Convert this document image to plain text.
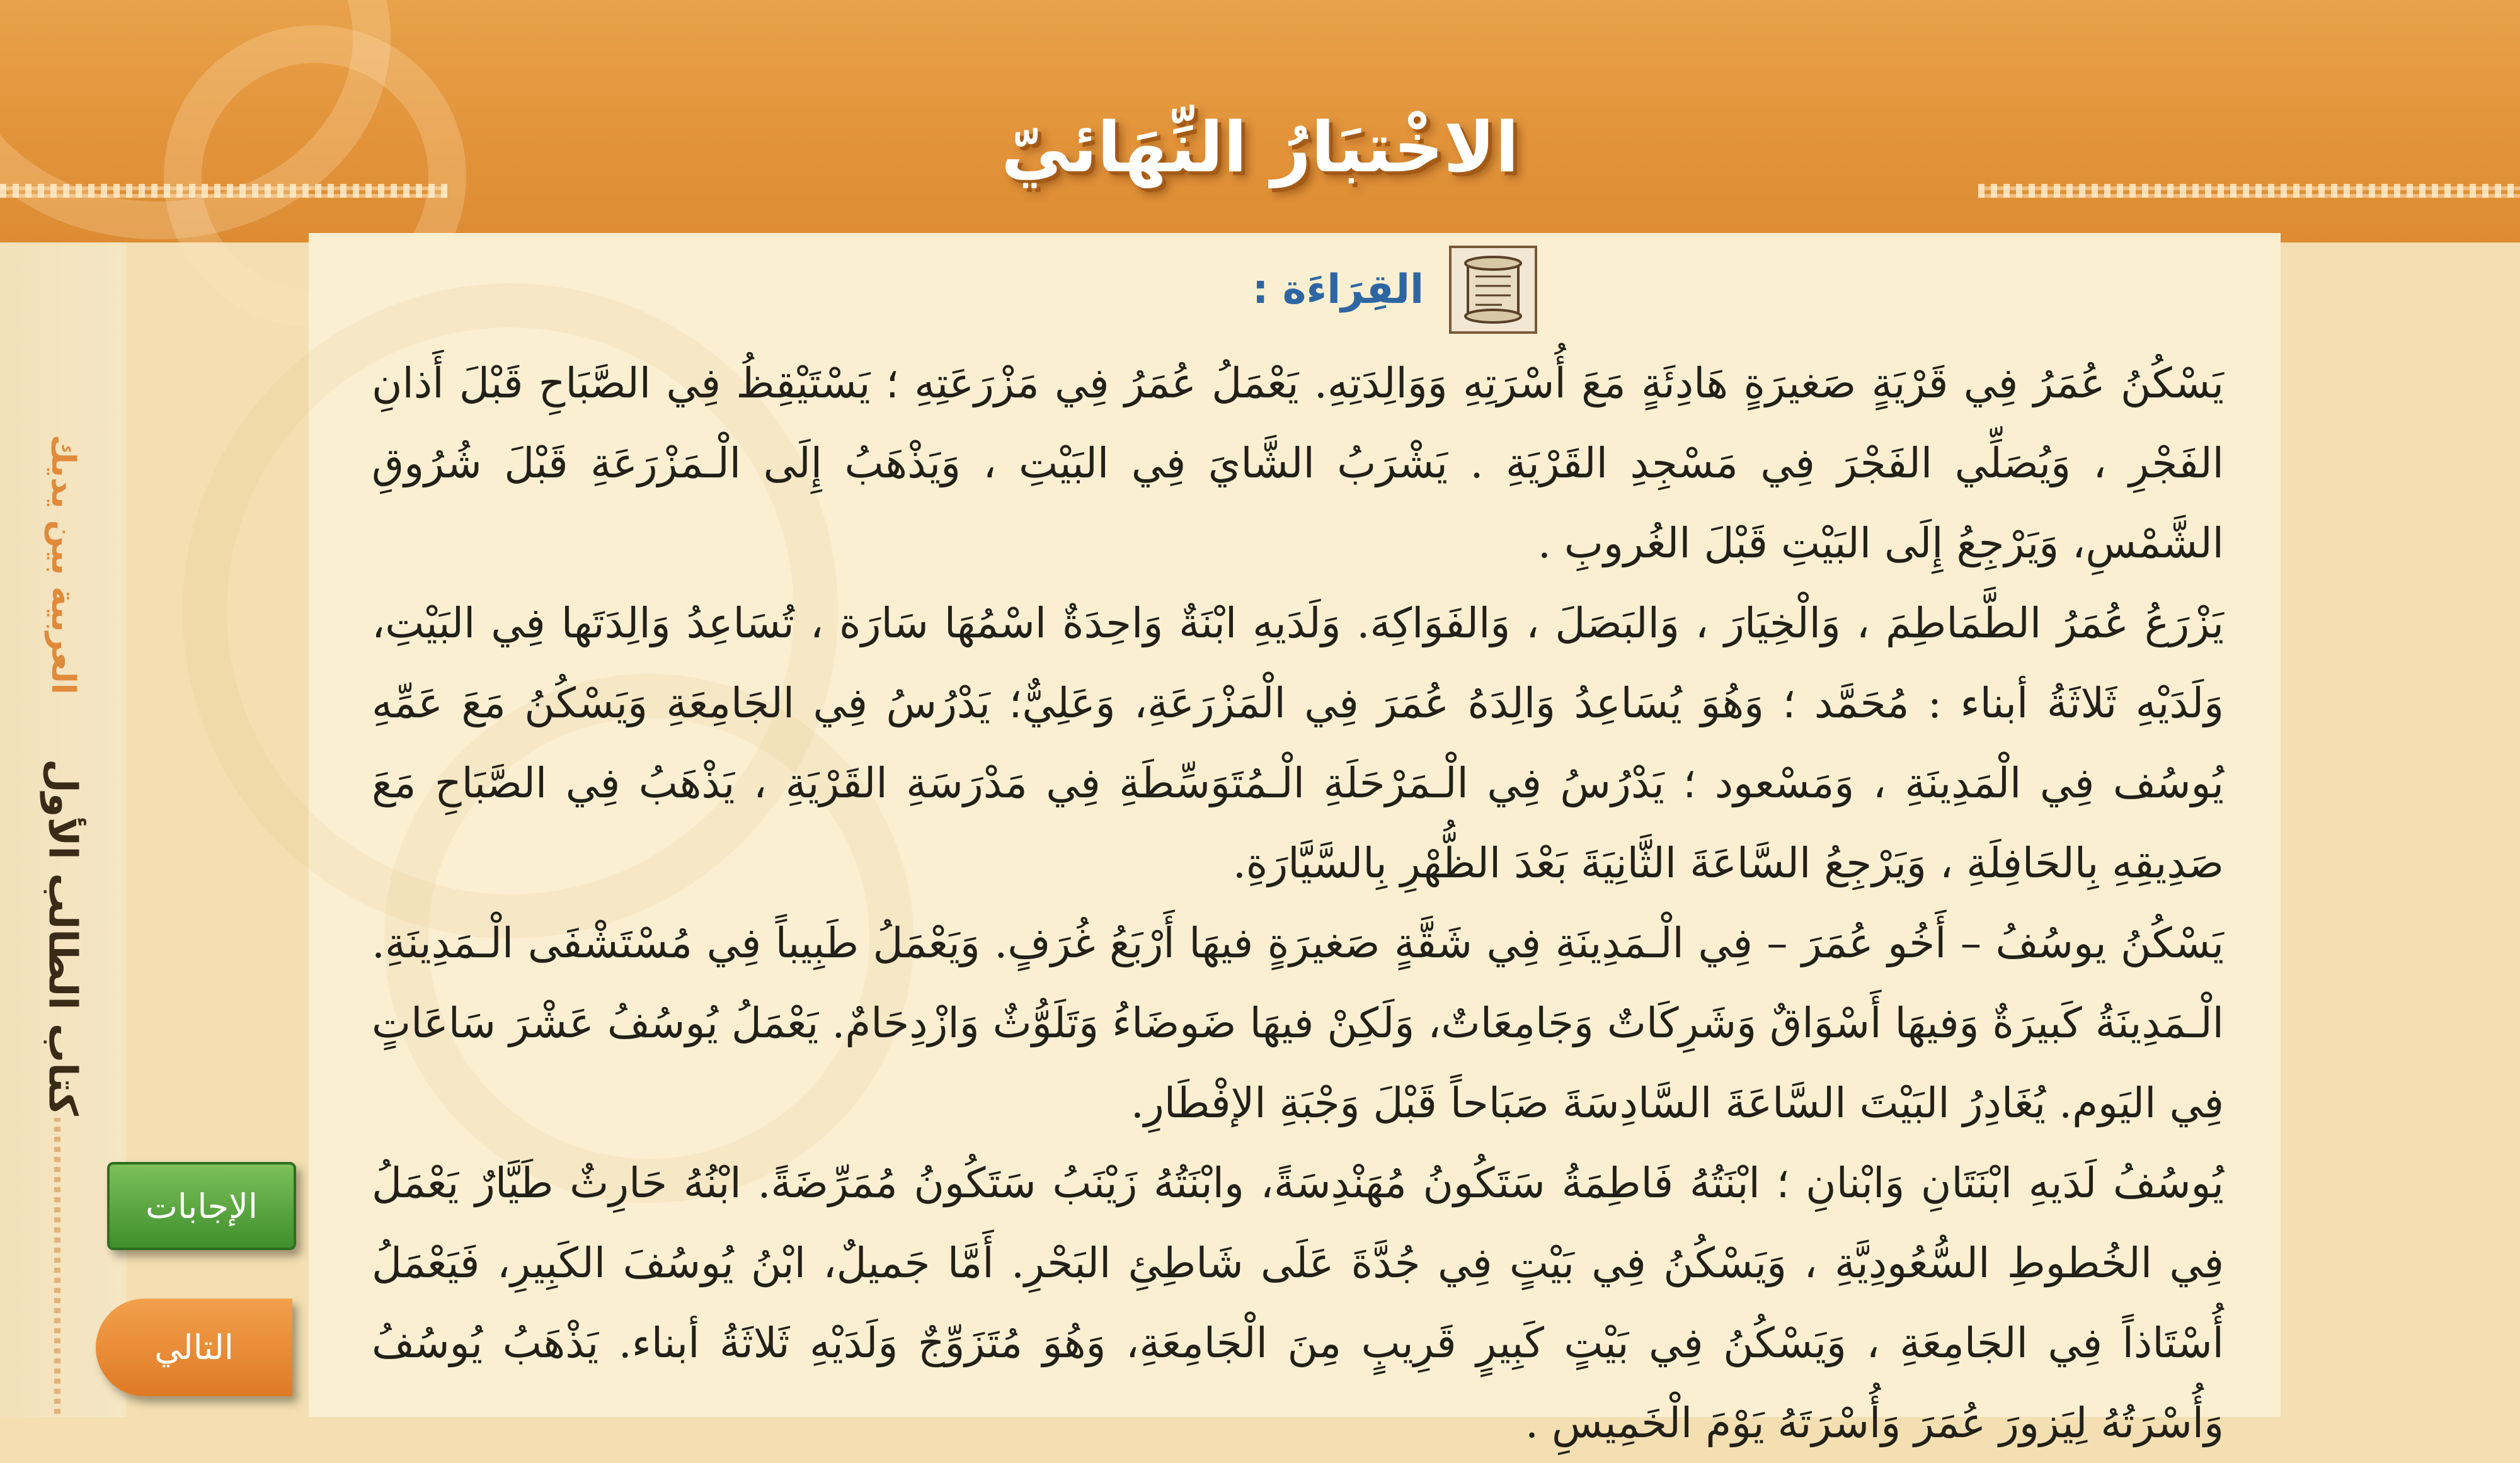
الاخْتبَارُ النِّهَائيّ
العربية بين يديك
كتاب الطالب الأول
القِرَاءَة :

يَسْكُنُ عُمَرُ فِي قَرْيَةٍ صَغيرَةٍ هَادِئَةٍ مَعَ أُسْرَتِهِ وَوَالِدَتِهِ. يَعْمَلُ عُمَرُ فِي مَزْرَعَتِهِ ؛ يَسْتَيْقِظُ فِي الصَّبَاحِ قَبْلَ أَذانِ الفَجْرِ ، وَيُصَلِّي الفَجْرَ فِي مَسْجِدِ القَرْيَةِ . يَشْرَبُ الشَّايَ فِي البَيْتِ ، وَيَذْهَبُ إِلَى الْـمَزْرَعَةِ قَبْلَ شُرُوقِ الشَّمْسِ، وَيَرْجِعُ إِلَى البَيْتِ قَبْلَ الغُروبِ .

يَزْرَعُ عُمَرُ الطَّمَاطِمَ ، وَالْخِيَارَ ، وَالبَصَلَ ، وَالفَوَاكِهَ. وَلَدَيهِ ابْنَةٌ وَاحِدَةٌ اسْمُهَا سَارَة ، تُسَاعِدُ وَالِدَتَها فِي البَيْتِ، وَلَدَيْهِ ثَلاثَةُ أبناء : مُحَمَّد ؛ وَهُوَ يُسَاعِدُ وَالِدَهُ عُمَرَ فِي الْمَزْرَعَةِ، وَعَلِيٌّ؛ يَدْرُسُ فِي الجَامِعَةِ وَيَسْكُنُ مَعَ عَمِّهِ يُوسُف فِي الْمَدِينَةِ ، وَمَسْعود ؛ يَدْرُسُ فِي الْـمَرْحَلَةِ الْـمُتَوَسِّطَةِ فِي مَدْرَسَةِ القَرْيَةِ ، يَذْهَبُ فِي الصَّبَاحِ مَعَ صَدِيقِهِ بِالحَافِلَةِ ، وَيَرْجِعُ السَّاعَةَ الثَّانِيَةَ بَعْدَ الظُّهْرِ بِالسَّيَّارَةِ.

يَسْكُنُ يوسُفُ – أَخُو عُمَرَ – فِي الْـمَدِينَةِ فِي شَقَّةٍ صَغيرَةٍ فيهَا أَرْبَعُ غُرَفٍ. وَيَعْمَلُ طَبِيباً فِي مُسْتَشْفَى الْـمَدِينَةِ. الْـمَدِينَةُ كَبيرَةٌ وَفيهَا أَسْوَاقٌ وَشَرِكَاتٌ وَجَامِعَاتٌ، وَلَكِنْ فيهَا ضَوضَاءُ وَتَلَوُّثٌ وَازْدِحَامٌ. يَعْمَلُ يُوسُفُ عَشْرَ سَاعَاتٍ فِي اليَوم. يُغَادِرُ البَيْتَ السَّاعَةَ السَّادِسَةَ صَبَاحاً قَبْلَ وَجْبَةِ الإفْطَارِ.

يُوسُفُ لَدَيهِ ابْنَتَانِ وَابْنانِ ؛ ابْنَتُهُ فَاطِمَةُ سَتَكُونُ مُهَنْدِسَةً، وابْنَتُهُ زَيْنَبُ سَتَكُونُ مُمَرِّضَةً. ابْنُهُ حَارِثٌ طَيَّارٌ يَعْمَلُ فِي الخُطوطِ السُّعُودِيَّةِ ، وَيَسْكُنُ فِي بَيْتٍ فِي جُدَّةَ عَلَى شَاطِئِ البَحْرِ. أَمَّا جَميلٌ، ابْنُ يُوسُفَ الكَبِيرِ، فَيَعْمَلُ أُسْتَاذاً فِي الجَامِعَةِ ، وَيَسْكُنُ فِي بَيْتٍ كَبِيرٍ قَرِيبٍ مِنَ الْجَامِعَةِ، وَهُوَ مُتَزَوِّجٌ وَلَدَيْهِ ثَلاثَةُ أبناء. يَذْهَبُ يُوسُفُ وَأُسْرَتُهُ لِيَزورَ عُمَرَ وَأُسْرَتَهُ يَوْمَ الْخَمِيسِ .

الإجابات
التالي
